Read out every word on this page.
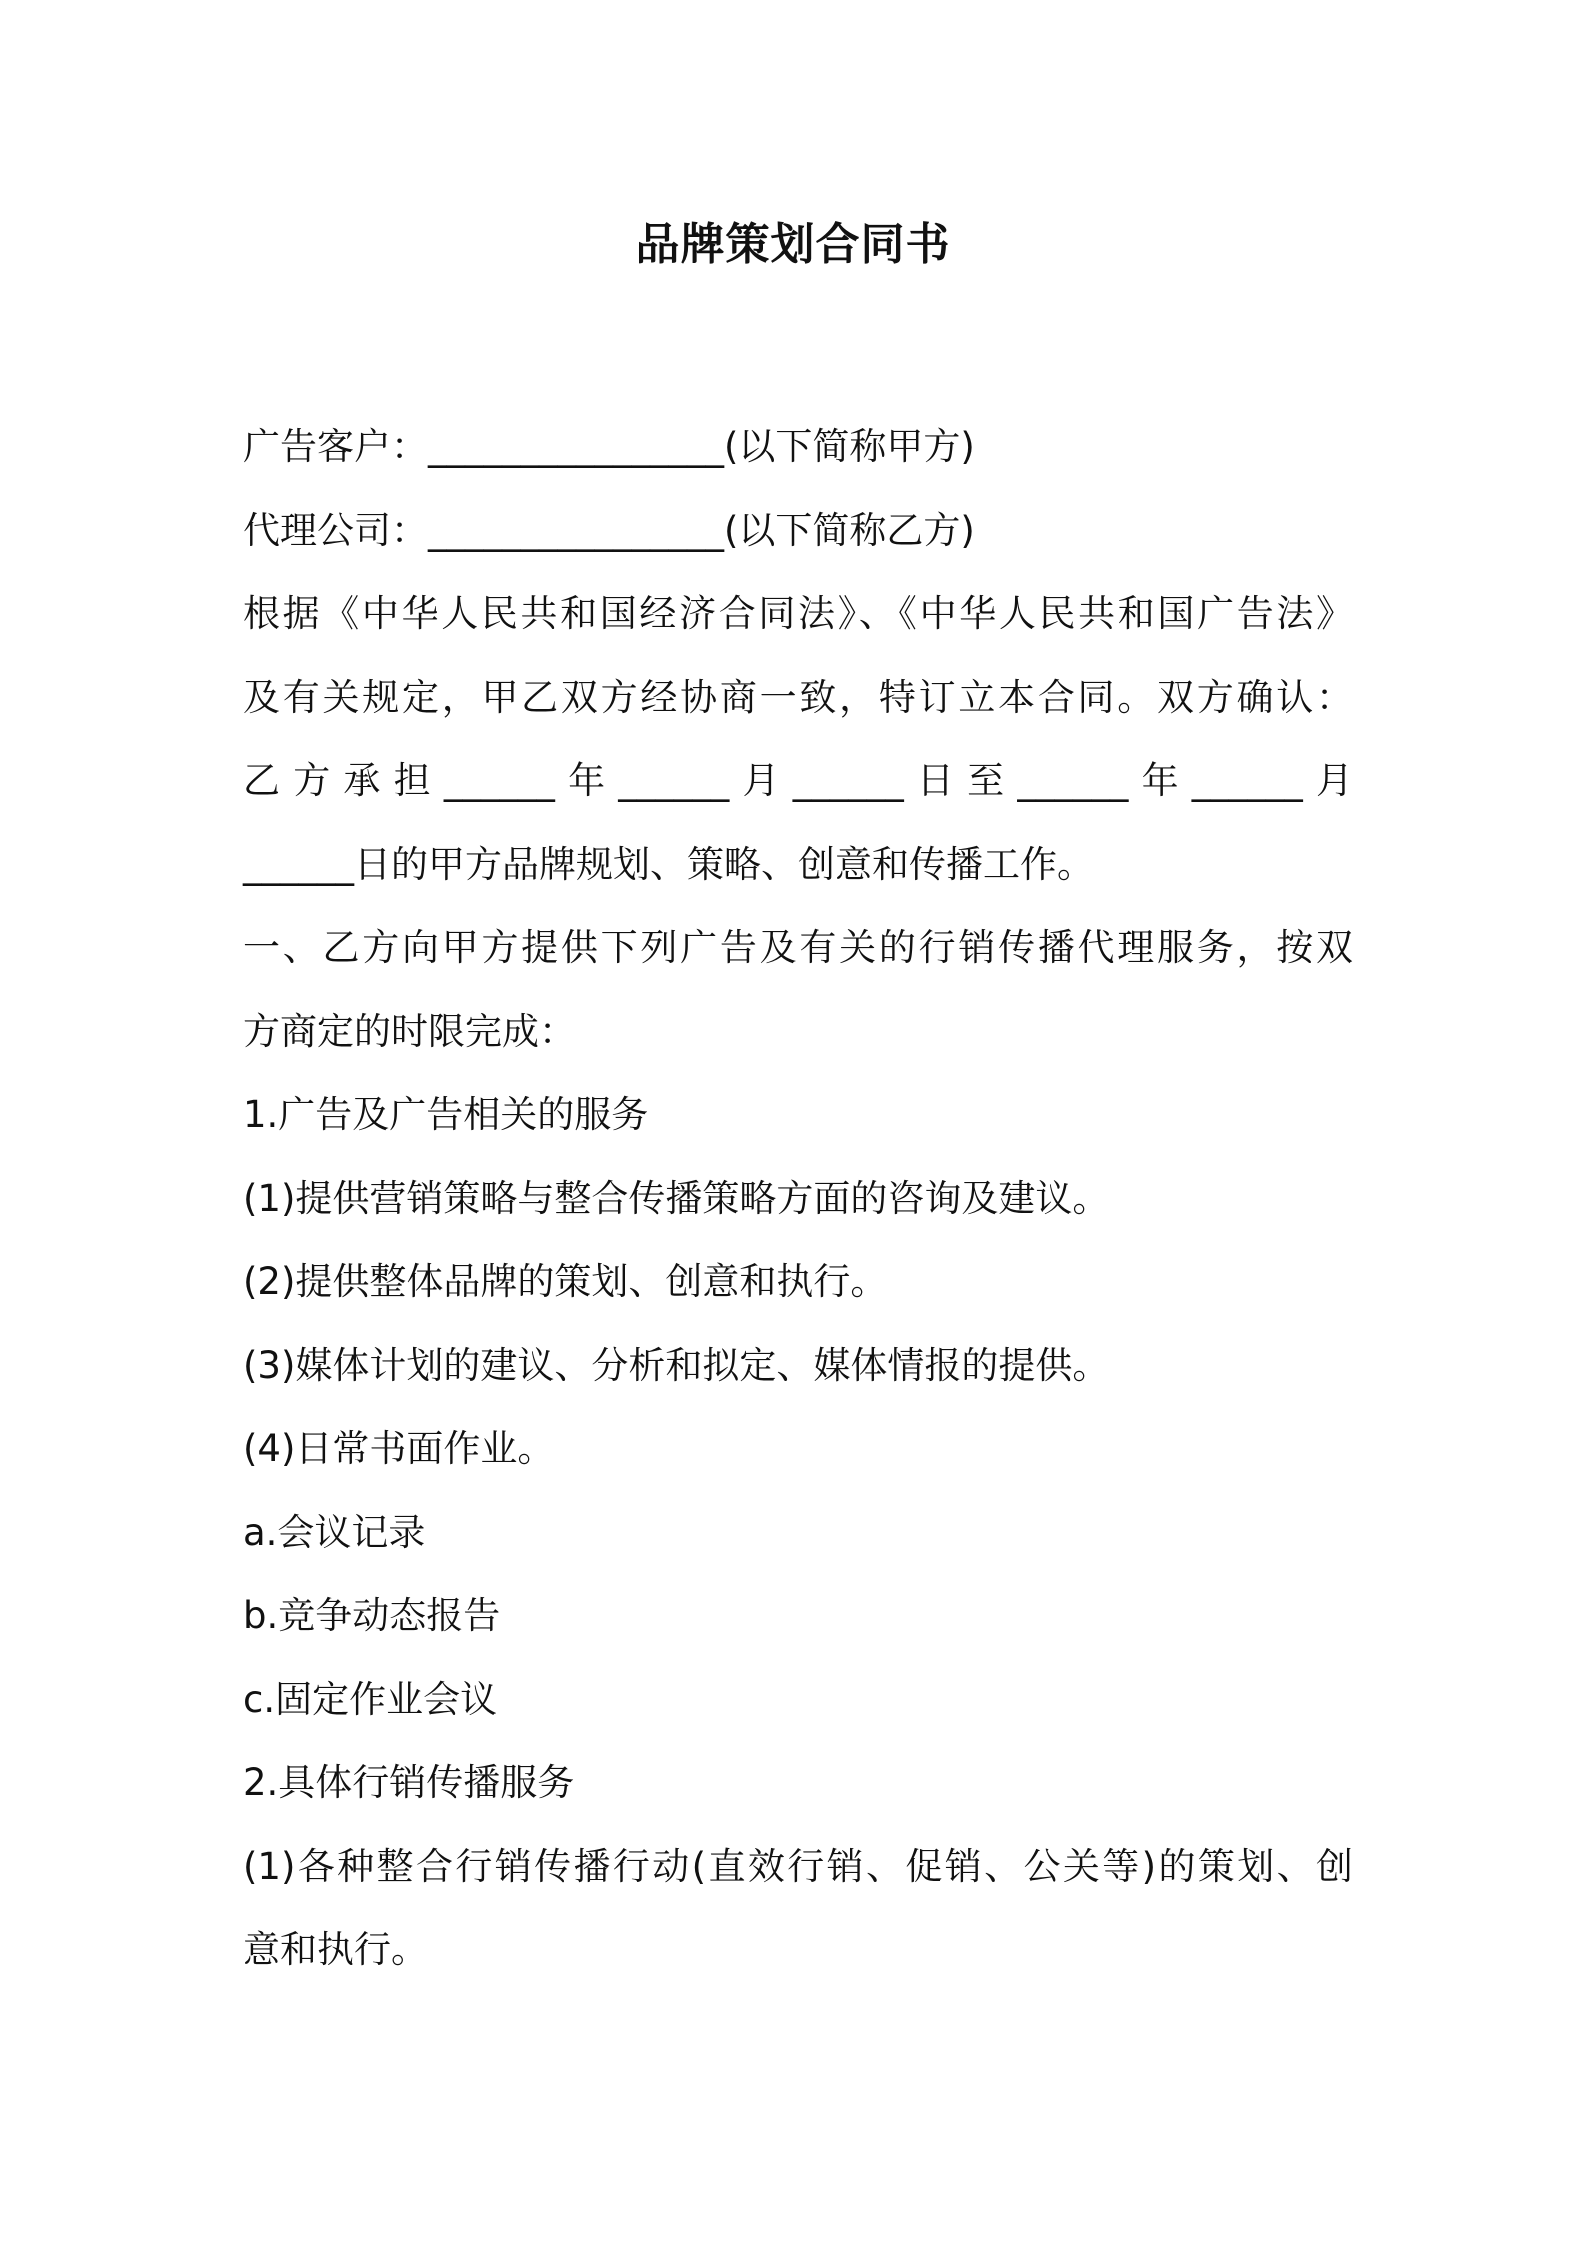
品牌策划合同书

广告客户：________________(以下简称甲方)

代理公司：________________(以下简称乙方)

根据《中华人民共和国经济合同法》、《中华人民共和国广告法》

及有关规定，甲乙双方经协商一致，特订立本合同。双方确认：

乙方承担______年______月______日至______年______月

______日的甲方品牌规划、策略、创意和传播工作。

一、乙方向甲方提供下列广告及有关的行销传播代理服务，按双

方商定的时限完成：

1.广告及广告相关的服务

(1)提供营销策略与整合传播策略方面的咨询及建议。

(2)提供整体品牌的策划、创意和执行。

(3)媒体计划的建议、分析和拟定、媒体情报的提供。

(4)日常书面作业。

a.会议记录

b.竞争动态报告

c.固定作业会议

2.具体行销传播服务

(1)各种整合行销传播行动(直效行销、促销、公关等)的策划、创

意和执行。
